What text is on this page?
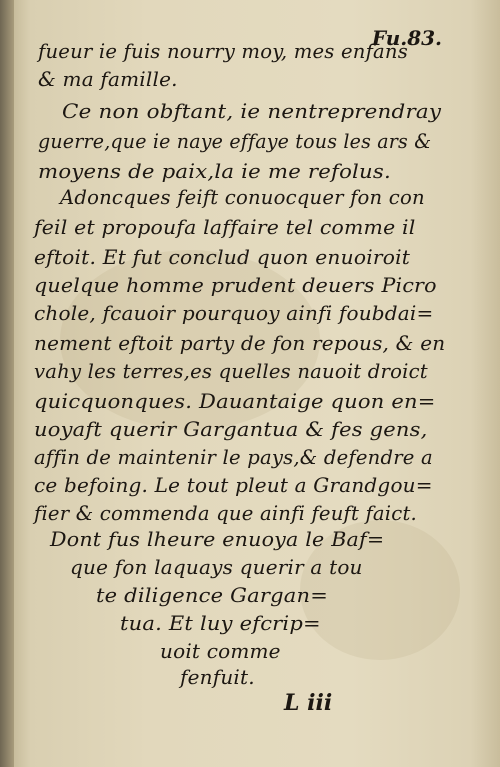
Fu.83.
fueur ie fuis nourry moy, mes enfans
& ma famille.
Ce non obftant, ie nentreprendray
guerre,que ie naye effaye tous les ars &
moyens de paix,la ie me refolus.
Adoncques feift conuocquer fon con
feil et propoufa laffaire tel comme il
eftoit. Et fut conclud quon enuoiroit
quelque homme prudent deuers Picro
chole, fcauoir pourquoy ainfi foubdai=
nement eftoit party de fon repous, & en
vahy les terres,es quelles nauoit droict
quicquonques. Dauantaige quon en=
uoyaft querir Gargantua & fes gens,
affin de maintenir le pays,& defendre a
ce befoing. Le tout pleut a Grandgou=
fier & commenda que ainfi feuft faict.
Dont fus lheure enuoya le Baf=
que fon laquays querir a tou
te diligence Gargan=
tua. Et luy efcrip=
uoit comme
fenfuit.
L iii
